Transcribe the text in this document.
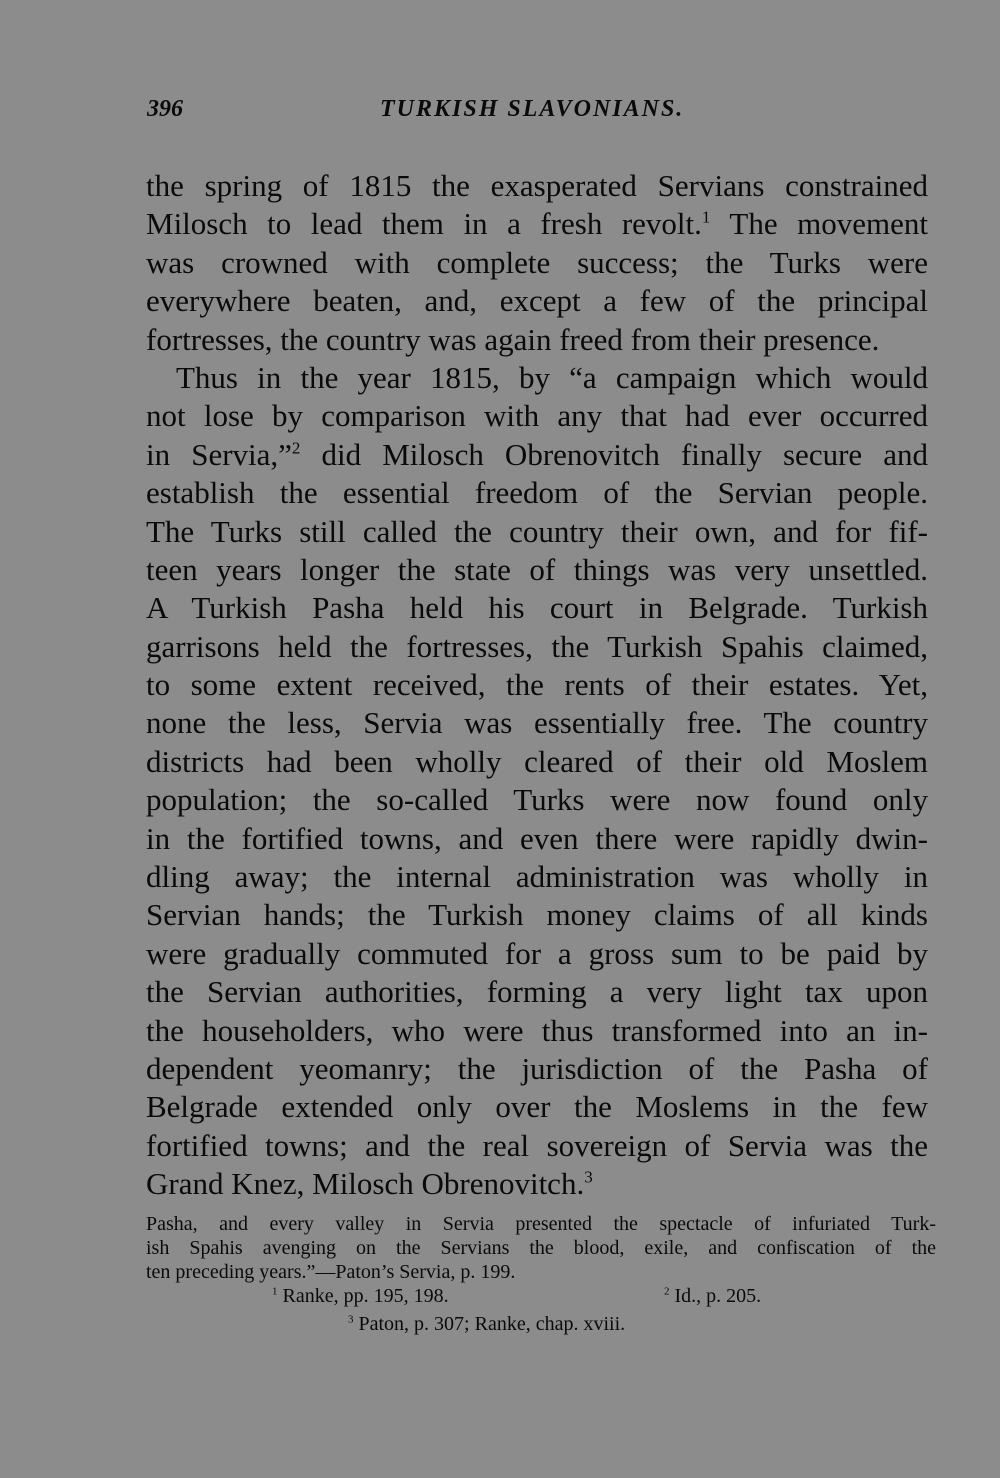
396	TURKISH SLAVONIANS.
the spring of 1815 the exasperated Servians constrained
Milosch to lead them in a fresh revolt.$^1$ The movement
was crowned with complete success; the Turks were
everywhere beaten, and, except a few of the principal
fortresses, the country was again freed from their presence.
Thus in the year 1815, by “a campaign which would
not lose by comparison with any that had ever occurred
in Servia,”$^2$ did Milosch Obrenovitch finally secure and
establish the essential freedom of the Servian people.
The Turks still called the country their own, and for fif-
teen years longer the state of things was very unsettled.
A Turkish Pasha held his court in Belgrade. Turkish
garrisons held the fortresses, the Turkish Spahis claimed,
to some extent received, the rents of their estates. Yet,
none the less, Servia was essentially free. The country
districts had been wholly cleared of their old Moslem
population; the so-called Turks were now found only
in the fortified towns, and even there were rapidly dwin-
dling away; the internal administration was wholly in
Servian hands; the Turkish money claims of all kinds
were gradually commuted for a gross sum to be paid by
the Servian authorities, forming a very light tax upon
the householders, who were thus transformed into an in-
dependent yeomanry; the jurisdiction of the Pasha of
Belgrade extended only over the Moslems in the few
fortified towns; and the real sovereign of Servia was the
Grand Knez, Milosch Obrenovitch.$^3$
Pasha, and every valley in Servia presented the spectacle of infuriated Turk-
ish Spahis avenging on the Servians the blood, exile, and confiscation of the
ten preceding years.”—Paton’s Servia, p. 199.
$^1$ Ranke, pp. 195, 198.	$^2$ Id., p. 205.
$^3$ Paton, p. 307; Ranke, chap. xviii.
